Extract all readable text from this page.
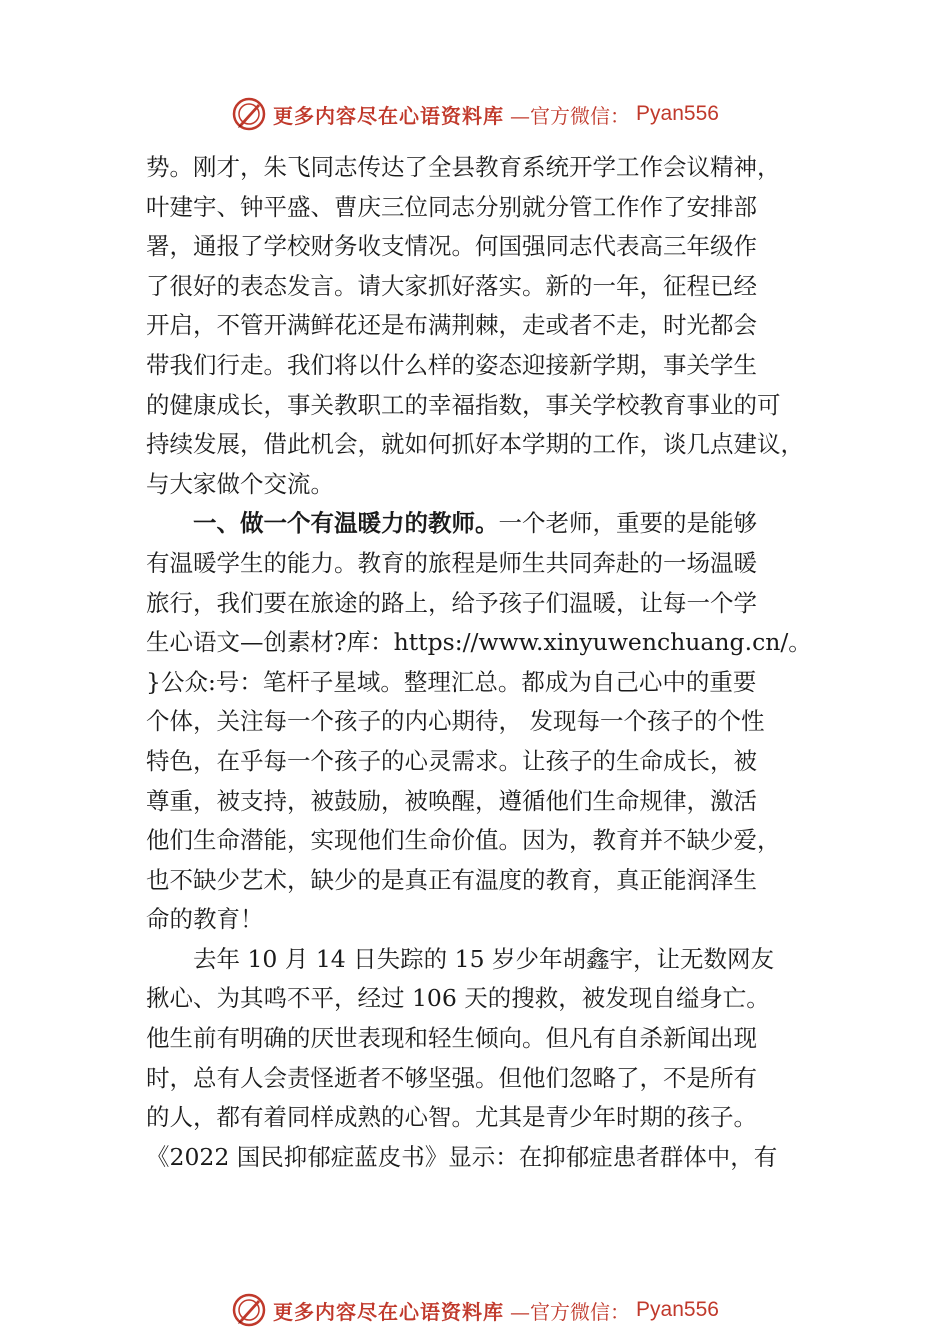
更多内容尽在心语资料库 —官方微信： Pyan556
势。刚才，朱飞同志传达了全县教育系统开学工作会议精神，
叶建宇、钟平盛、曹庆三位同志分别就分管工作作了安排部
署，通报了学校财务收支情况。何国强同志代表高三年级作
了很好的表态发言。请大家抓好落实。新的一年，征程已经
开启，不管开满鲜花还是布满荆棘，走或者不走，时光都会
带我们行走。我们将以什么样的姿态迎接新学期，事关学生
的健康成长，事关教职工的幸福指数，事关学校教育事业的可
持续发展，借此机会，就如何抓好本学期的工作，谈几点建议，
与大家做个交流。
一、做一个有温暖力的教师。一个老师，重要的是能够
有温暖学生的能力。教育的旅程是师生共同奔赴的一场温暖
旅行，我们要在旅途的路上，给予孩子们温暖，让每一个学
生心语文—创素材?库：https://www.xinyuwenchuang.cn/。
}公众:号：笔杆子星域。整理汇总。都成为自己心中的重要
个体，关注每一个孩子的内心期待， 发现每一个孩子的个性
特色，在乎每一个孩子的心灵需求。让孩子的生命成长，被
尊重，被支持，被鼓励，被唤醒，遵循他们生命规律，激活
他们生命潜能，实现他们生命价值。因为，教育并不缺少爱，
也不缺少艺术，缺少的是真正有温度的教育，真正能润泽生
命的教育！
去年 10 月 14 日失踪的 15 岁少年胡鑫宇，让无数网友
揪心、为其鸣不平，经过 106 天的搜救，被发现自缢身亡。
他生前有明确的厌世表现和轻生倾向。但凡有自杀新闻出现
时，总有人会责怪逝者不够坚强。但他们忽略了，不是所有
的人，都有着同样成熟的心智。尤其是青少年时期的孩子。
《2022 国民抑郁症蓝皮书》显示：在抑郁症患者群体中，有
更多内容尽在心语资料库 —官方微信： Pyan556
